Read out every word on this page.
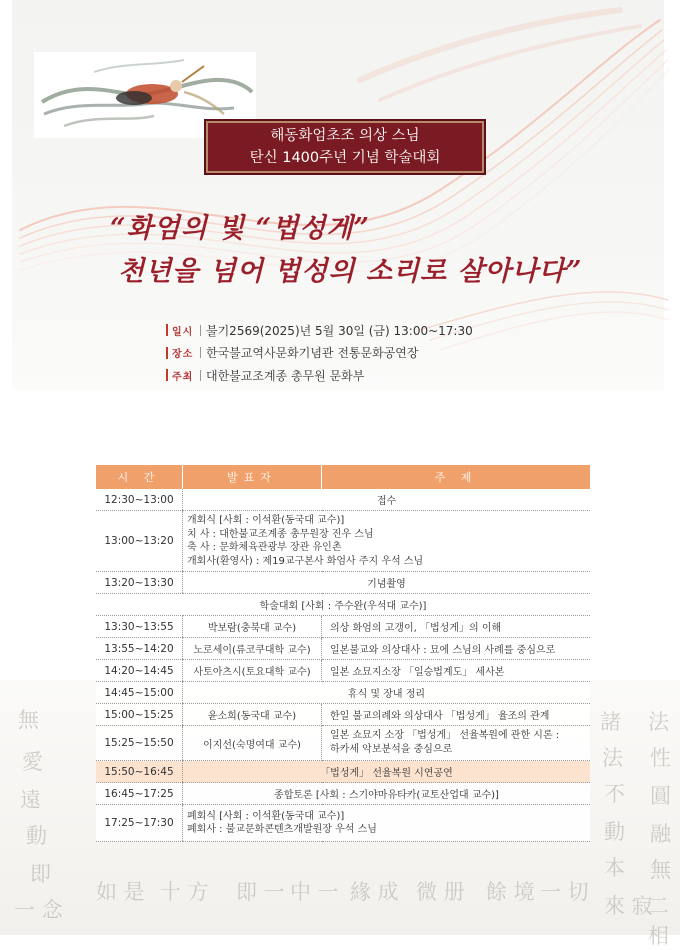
해동화엄초조 의상 스님
탄신 1400주년 기념 학술대회
“화엄의 빛 “법성게”
천년을 넘어 법성의 소리로 살아나다”
일시	불기2569(2025)년 5월 30일 (금) 13:00~17:30
장소	한국불교역사문화기념관 전통문화공연장
주최	대한불교조계종 총무원 문화부
無
愛
遠
動
即
一 念
諸 法
法 性
不 圓
動 融
本 無
來 寂
如 是 十 方 即 一 中 一 緣 成 微 册 餘 境 一 切
二 相
시 간	발표자	주 제
12:30~13:00	접수	
13:00~13:20	개회식 [사회 : 이석환(동국대 교수)]
치 사 : 대한불교조계종 총무원장 진우 스님
축 사 : 문화체육관광부 장관 유인촌
개회사(환영사) : 제19교구본사 화엄사 주지 우석 스님	

13:20~13:30	기념촬영	
학술대회 [사회 : 주수완(우석대 교수)]		
13:30~13:55	박보람(충북대 교수)	의상 화엄의 고갱이, 「법성게」의 이해
13:55~14:20	노로세이(류코쿠대학 교수)	일본불교와 의상대사 : 묘에 스님의 사례를 중심으로
14:20~14:45	사토아츠시(토요대학 교수)	일본 쇼묘지소장 「일승법계도」 세사본
14:45~15:00	휴식 및 장내 정리	
15:00~15:25	윤소희(동국대 교수)	한일 불교의례와 의상대사 「법성게」 율조의 관계
15:25~15:50	이지선(숙명여대 교수)	일본 쇼묘지 소장 「법성게」 선율복원에 관한 시론 :
하카세 악보분석을 중심으로

15:50~16:45	「법성게」 선율복원 시연공연	
16:45~17:25	종합토론 [사회 : 스기야마유타카(교토산업대 교수)]	
17:25~17:30	폐회식 [사회 : 이석환(동국대 교수)]
폐회사 : 불교문화콘텐츠개발원장 우석 스님	
